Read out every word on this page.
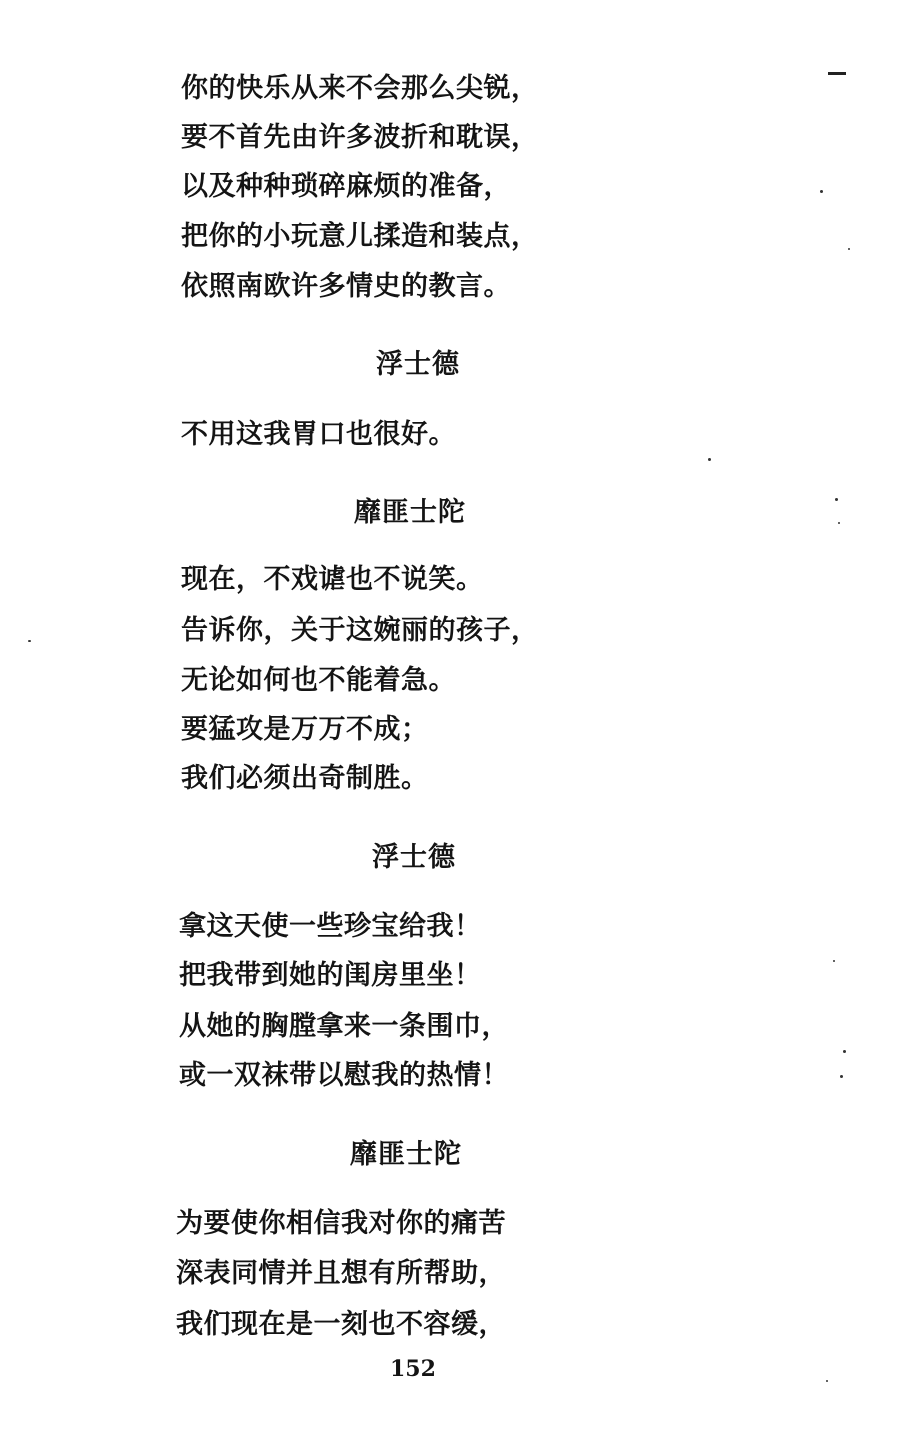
你的快乐从来不会那么尖锐，
要不首先由许多波折和耽误，
以及种种琐碎麻烦的准备，
把你的小玩意儿揉造和装点，
依照南欧许多情史的教言。
浮士德
不用这我胃口也很好。
靡匪士陀
现在，不戏谑也不说笑。
告诉你，关于这婉丽的孩子，
无论如何也不能着急。
要猛攻是万万不成；
我们必须出奇制胜。
浮士德
拿这天使一些珍宝给我！
把我带到她的闺房里坐！
从她的胸膛拿来一条围巾，
或一双袜带以慰我的热情！
靡匪士陀
为要使你相信我对你的痛苦
深表同情并且想有所帮助，
我们现在是一刻也不容缓，
152
